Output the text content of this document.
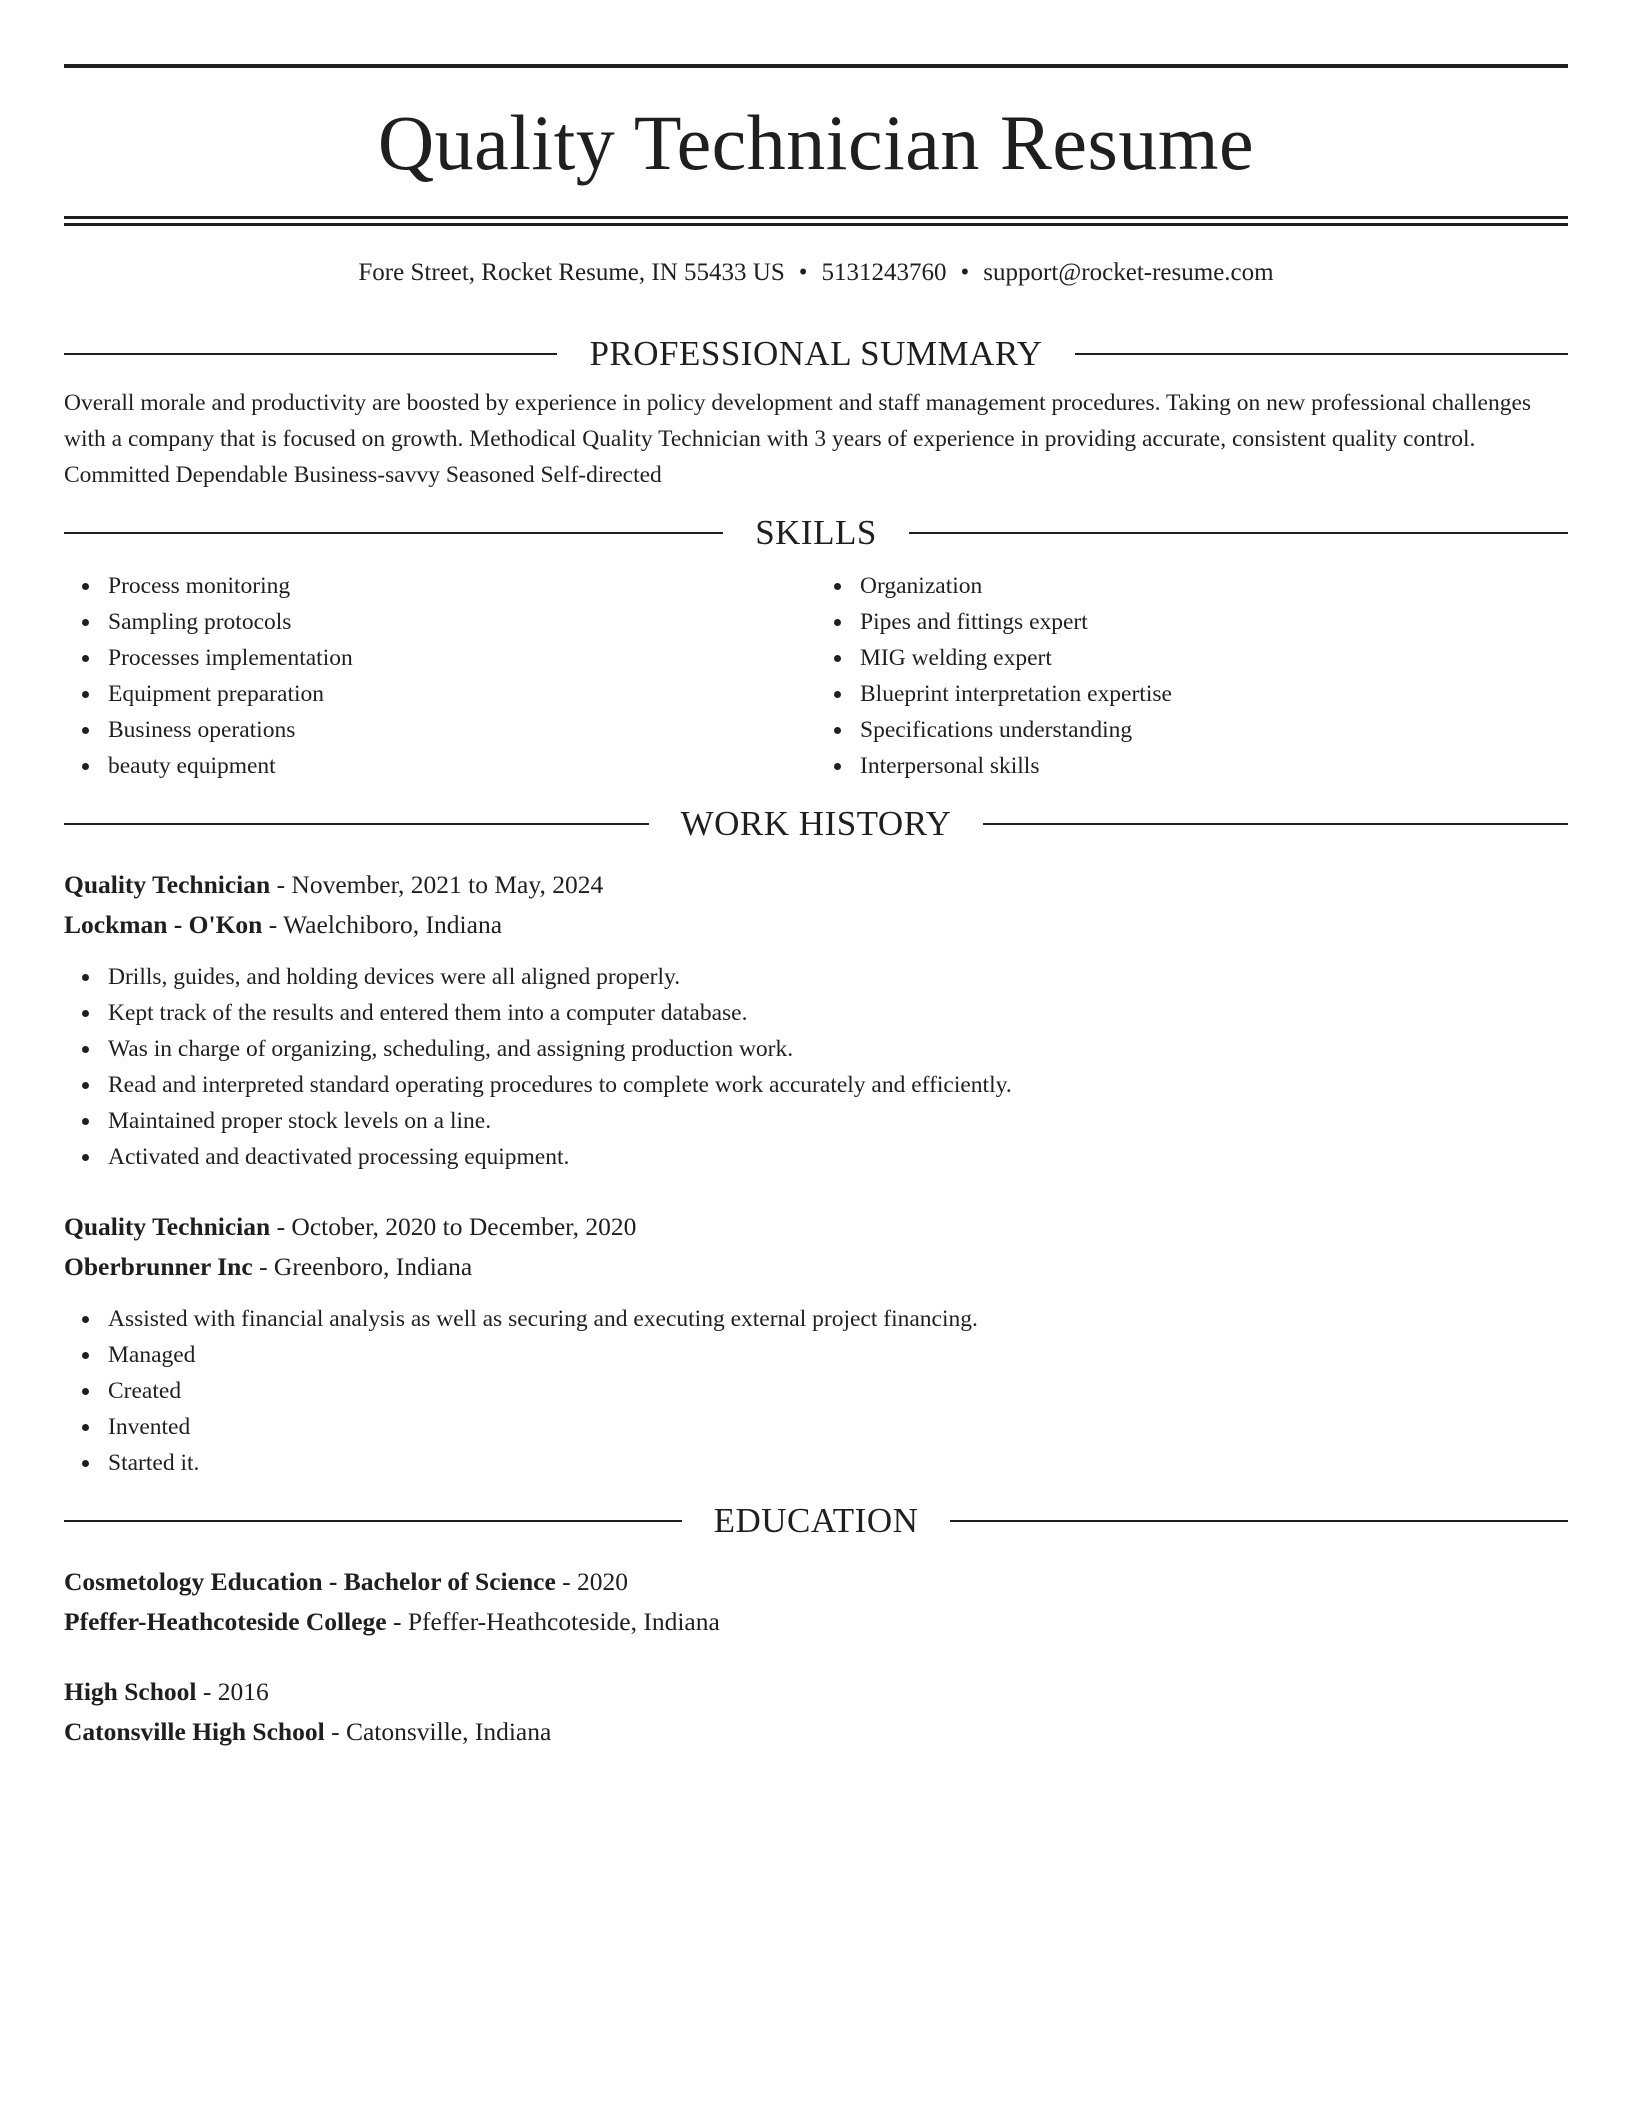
Quality Technician Resume
Fore Street, Rocket Resume, IN 55433 US • 5131243760 • support@rocket-resume.com
PROFESSIONAL SUMMARY

Overall morale and productivity are boosted by experience in policy development and staff management procedures. Taking on new professional challenges with a company that is focused on growth. Methodical Quality Technician with 3 years of experience in providing accurate, consistent quality control. Committed Dependable Business-savvy Seasoned Self-directed

SKILLS
Process monitoring
Sampling protocols
Processes implementation
Equipment preparation
Business operations
beauty equipment
Organization
Pipes and fittings expert
MIG welding expert
Blueprint interpretation expertise
Specifications understanding
Interpersonal skills
WORK HISTORY
Quality Technician - November, 2021 to May, 2024
Lockman - O'Kon - Waelchiboro, Indiana
Drills, guides, and holding devices were all aligned properly.
Kept track of the results and entered them into a computer database.
Was in charge of organizing, scheduling, and assigning production work.
Read and interpreted standard operating procedures to complete work accurately and efficiently.
Maintained proper stock levels on a line.
Activated and deactivated processing equipment.
Quality Technician - October, 2020 to December, 2020
Oberbrunner Inc - Greenboro, Indiana
Assisted with financial analysis as well as securing and executing external project financing.
Managed
Created
Invented
Started it.
EDUCATION
Cosmetology Education - Bachelor of Science - 2020
Pfeffer-Heathcoteside College - Pfeffer-Heathcoteside, Indiana
High School - 2016
Catonsville High School - Catonsville, Indiana
